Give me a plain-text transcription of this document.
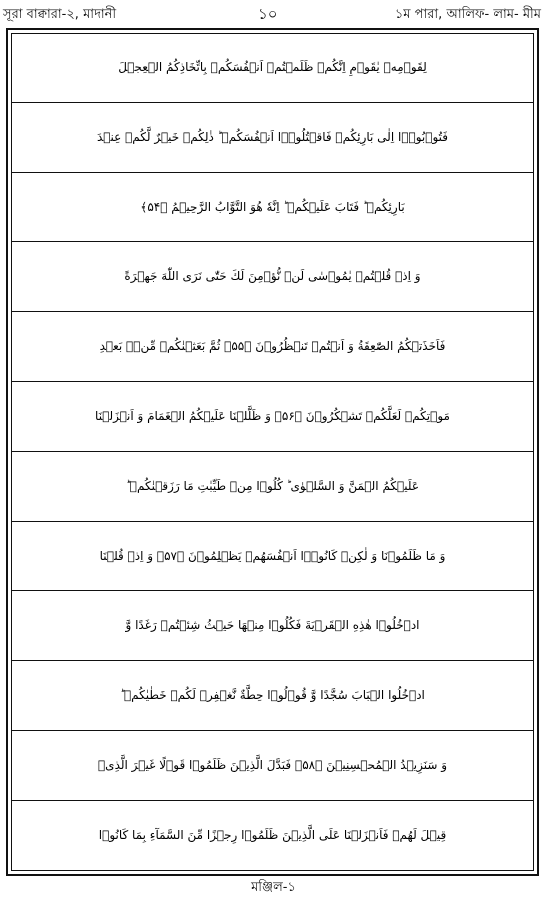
সূরা বাক্বারা-২, মাদানী	১০	১ম পারা, আলিফ- লাম- মীম
لِقَوۡمِهٖ یٰقَوۡمِ اِنَّكُمۡ ظَلَمۡتُمۡ اَنۡفُسَكُمۡ بِاتِّخَاذِكُمُ الۡعِجۡلَ
فَتُوۡبُوۡۤا اِلٰی بَارِئِكُمۡ فَاقۡتُلُوۡۤا اَنۡفُسَكُمۡ ؕ ذٰلِكُمۡ خَیۡرٌ لَّكُمۡ عِنۡدَ
بَارِئِكُمۡ ؕ فَتَابَ عَلَیۡكُمۡ ؕ اِنَّهٗ هُوَ التَّوَّابُ الرَّحِیۡمُ ﴿۵۴﴾
وَ اِذۡ قُلۡتُمۡ یٰمُوۡسٰی لَنۡ نُّؤۡمِنَ لَكَ حَتّٰی نَرَی اللّٰهَ جَهۡرَةً
فَاَخَذَتۡكُمُ الصّٰعِقَةُ وَ اَنۡتُمۡ تَنۡظُرُوۡنَ ﴿۵۵﴾ ثُمَّ بَعَثۡنٰكُمۡ مِّنۡۢ بَعۡدِ
مَوۡتِكُمۡ لَعَلَّكُمۡ تَشۡكُرُوۡنَ ﴿۵۶﴾ وَ ظَلَّلۡنَا عَلَیۡكُمُ الۡغَمَامَ وَ اَنۡزَلۡنَا
عَلَیۡكُمُ الۡمَنَّ وَ السَّلۡوٰی ؕ كُلُوۡا مِنۡ طَیِّبٰتِ مَا رَزَقۡنٰكُمۡ ؕ
وَ مَا ظَلَمُوۡنَا وَ لٰكِنۡ كَانُوۡۤا اَنۡفُسَهُمۡ یَظۡلِمُوۡنَ ﴿۵۷﴾ وَ اِذۡ قُلۡنَا
ادۡخُلُوۡا هٰذِهِ الۡقَرۡیَةَ فَكُلُوۡا مِنۡهَا حَیۡثُ شِئۡتُمۡ رَغَدًا وَّ
ادۡخُلُوا الۡبَابَ سُجَّدًا وَّ قُوۡلُوۡا حِطَّةٌ نَّغۡفِرۡ لَكُمۡ خَطٰیٰكُمۡ ؕ
وَ سَنَزِیۡدُ الۡمُحۡسِنِیۡنَ ﴿۵۸﴾ فَبَدَّلَ الَّذِیۡنَ ظَلَمُوۡا قَوۡلًا غَیۡرَ الَّذِیۡ
قِیۡلَ لَهُمۡ فَاَنۡزَلۡنَا عَلَی الَّذِیۡنَ ظَلَمُوۡا رِجۡزًا مِّنَ السَّمَآءِ بِمَا كَانُوۡا
মঞ্জিল-১
